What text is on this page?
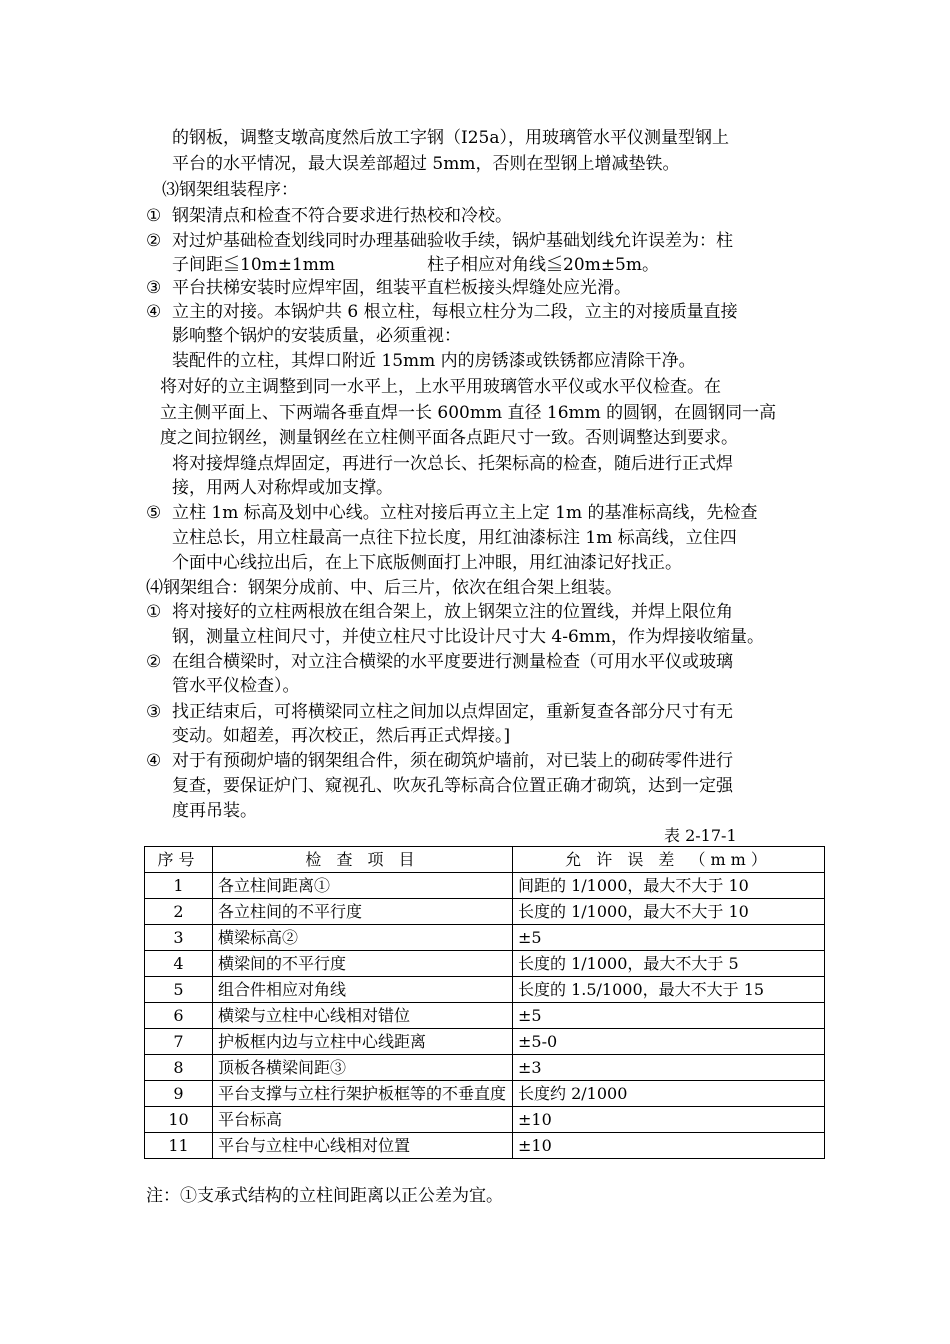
的钢板，调整支墩高度然后放工字钢（I25a），用玻璃管水平仪测量型钢上
平台的水平情况，最大误差部超过 5mm，否则在型钢上增减垫铁。
⑶钢架组装程序：
① 钢架清点和检查不符合要求进行热校和冷校。
② 对过炉基础检查划线同时办理基础验收手续，锅炉基础划线允许误差为：柱
子间距≦10m±1mm	柱子相应对角线≦20m±5m。
③ 平台扶梯安装时应焊牢固，组装平直栏板接头焊缝处应光滑。
④ 立主的对接。本锅炉共 6 根立柱，每根立柱分为二段，立主的对接质量直接
影响整个锅炉的安装质量，必须重视：
装配件的立柱，其焊口附近 15mm 内的房锈漆或铁锈都应清除干净。
将对好的立主调整到同一水平上，上水平用玻璃管水平仪或水平仪检查。在
立主侧平面上、下两端各垂直焊一长 600mm 直径 16mm 的圆钢，在圆钢同一高
度之间拉钢丝，测量钢丝在立柱侧平面各点距尺寸一致。否则调整达到要求。
将对接焊缝点焊固定，再进行一次总长、托架标高的检查，随后进行正式焊
接，用两人对称焊或加支撑。
⑤ 立柱 1m 标高及划中心线。立柱对接后再立主上定 1m 的基准标高线，先检查
立柱总长，用立柱最高一点往下拉长度，用红油漆标注 1m 标高线，立住四
个面中心线拉出后，在上下底版侧面打上冲眼，用红油漆记好找正。
⑷钢架组合：钢架分成前、中、后三片，依次在组合架上组装。
① 将对接好的立柱两根放在组合架上，放上钢架立注的位置线，并焊上限位角
钢，测量立柱间尺寸，并使立柱尺寸比设计尺寸大 4-6mm，作为焊接收缩量。
② 在组合横梁时，对立注合横梁的水平度要进行测量检查（可用水平仪或玻璃
管水平仪检查）。
③ 找正结束后，可将横梁同立柱之间加以点焊固定，重新复查各部分尺寸有无
变动。如超差，再次校正，然后再正式焊接。]
④ 对于有预砌炉墙的钢架组合件，须在砌筑炉墙前，对已装上的砌砖零件进行
复查，要保证炉门、窥视孔、吹灰孔等标高合位置正确才砌筑，达到一定强
度再吊装。
表 2-17-1
序号	检 查 项 目	允 许 误 差 （mm）
1	各立柱间距离①	间距的 1/1000，最大不大于 10
2	各立柱间的不平行度	长度的 1/1000，最大不大于 10
3	横梁标高②	±5
4	横梁间的不平行度	长度的 1/1000，最大不大于 5
5	组合件相应对角线	长度的 1.5/1000，最大不大于 15
6	横梁与立柱中心线相对错位	±5
7	护板框内边与立柱中心线距离	±5-0
8	顶板各横梁间距③	±3
9	平台支撑与立柱行架护板框等的不垂直度	长度约 2/1000
10	平台标高	±10
11	平台与立柱中心线相对位置	±10
注：①支承式结构的立柱间距离以正公差为宜。
